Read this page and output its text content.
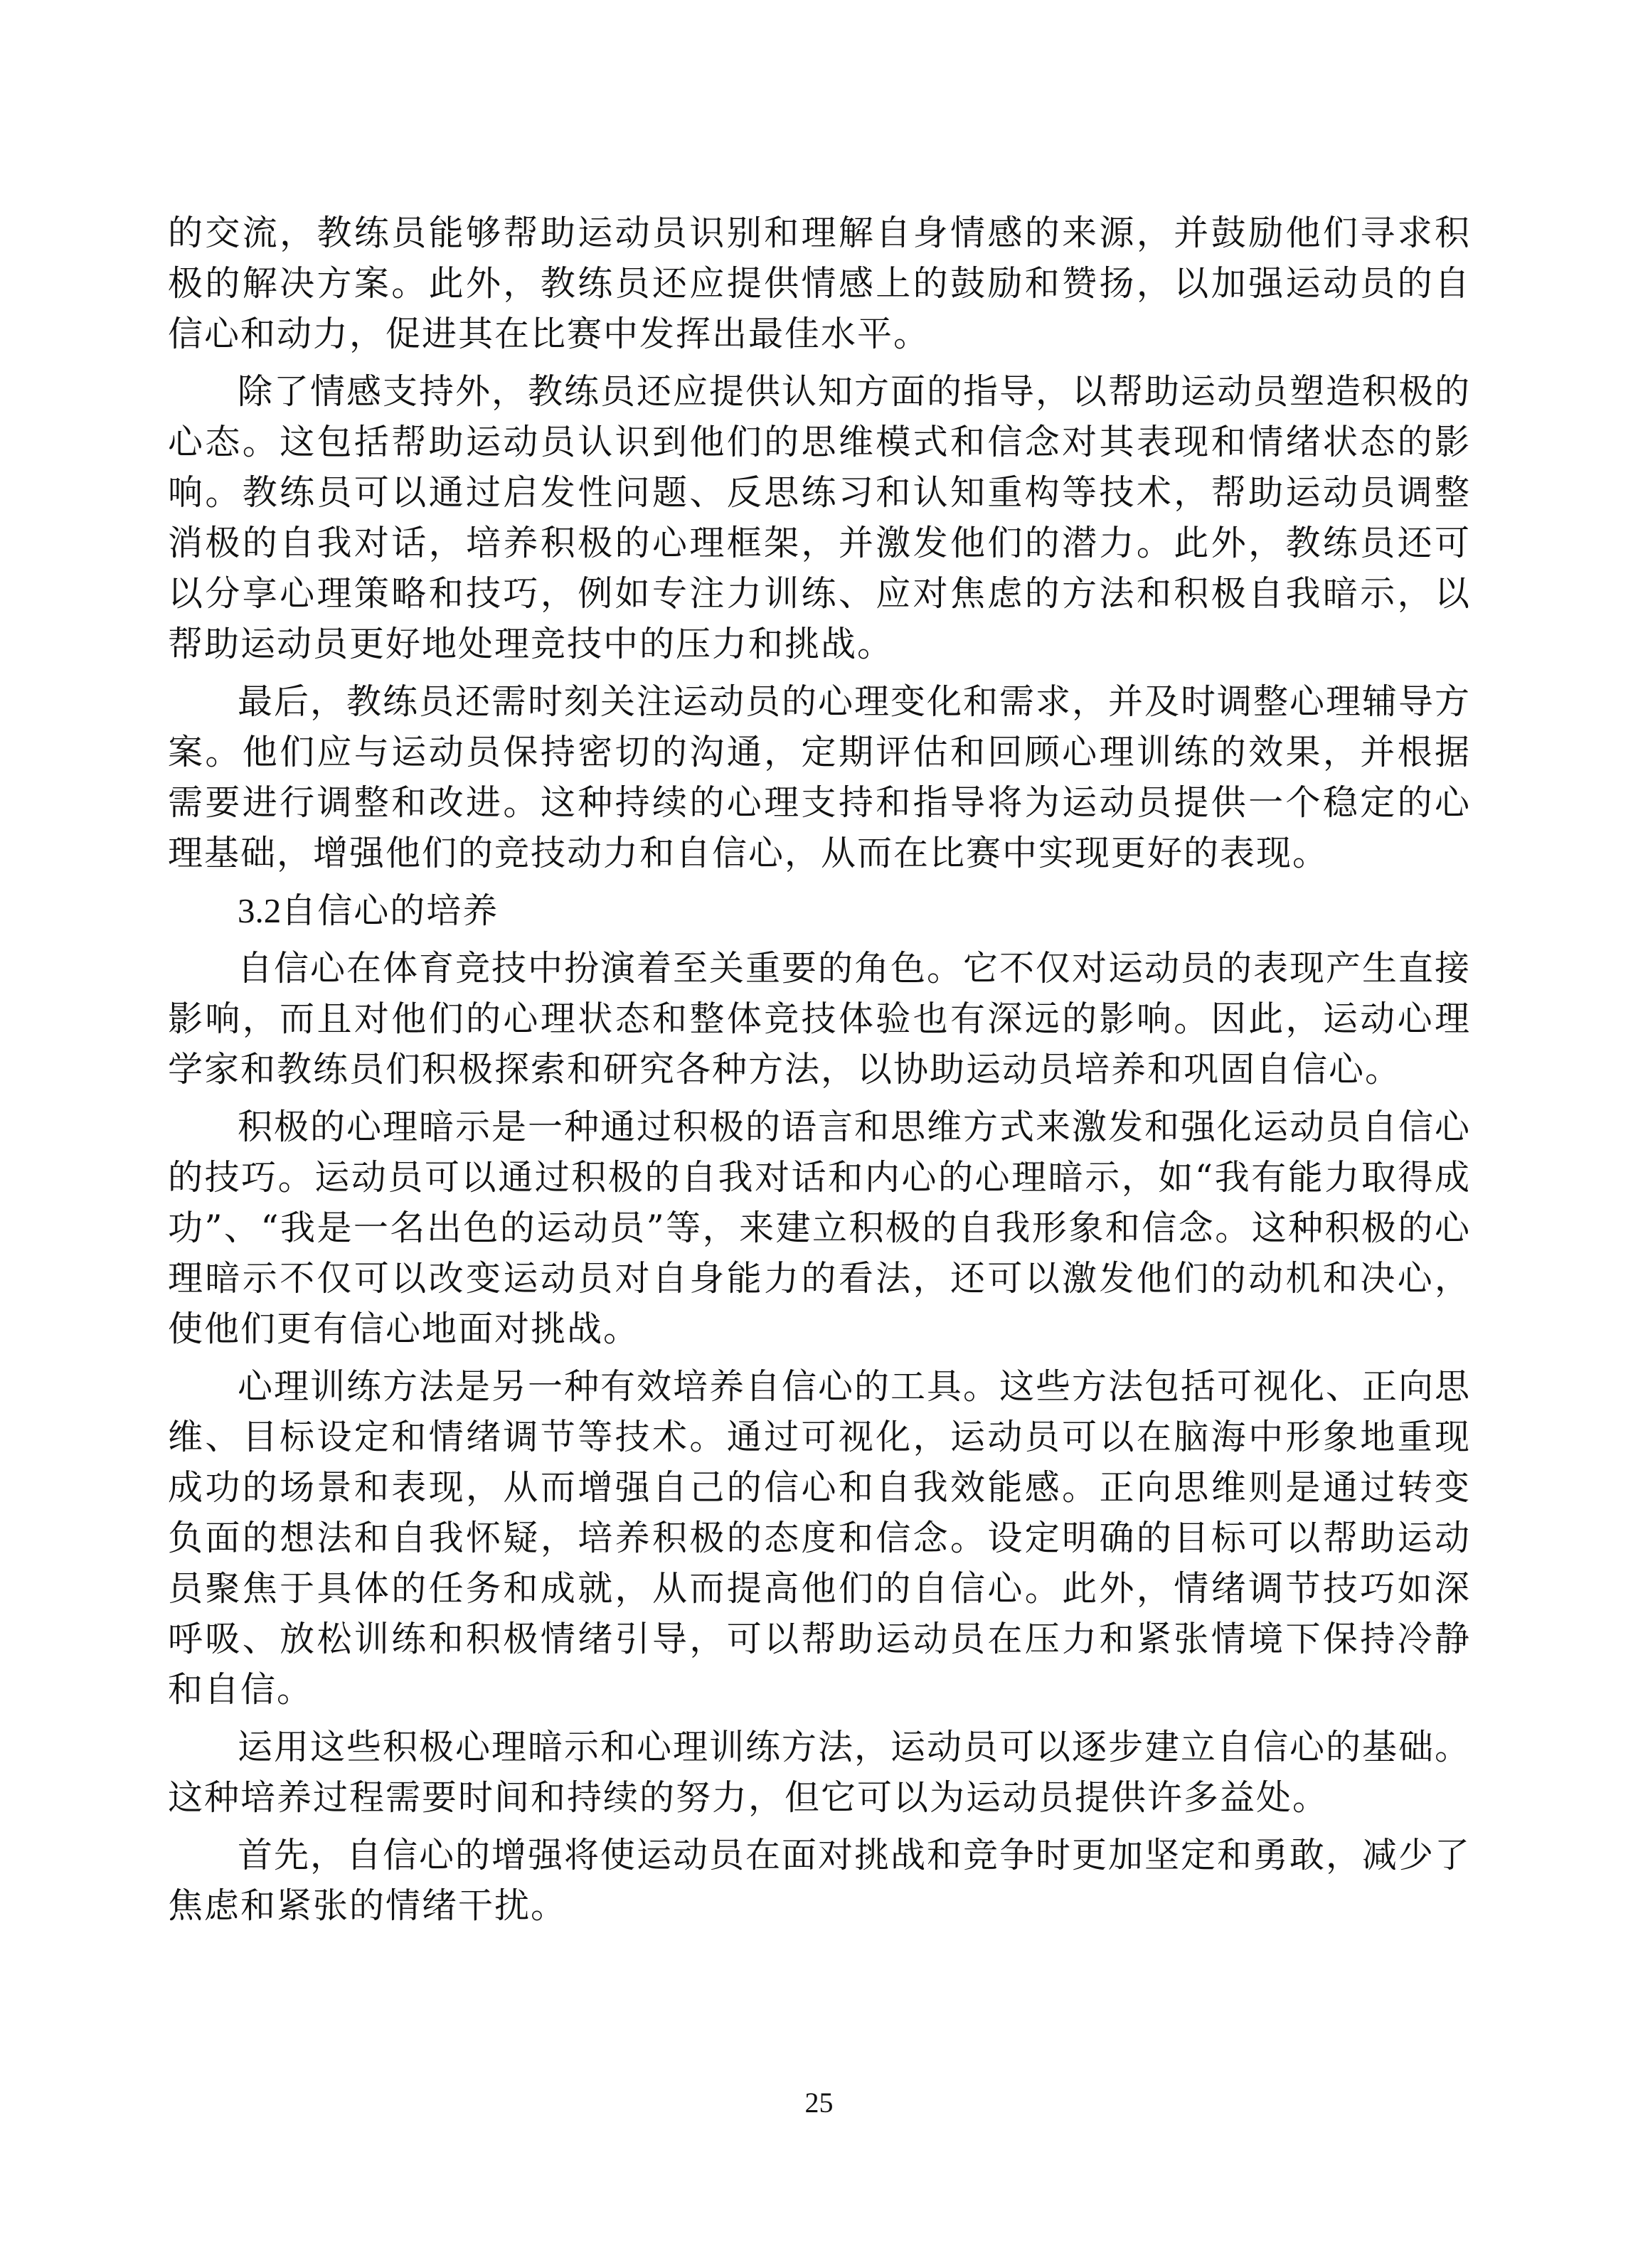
的交流，教练员能够帮助运动员识别和理解自身情感的来源，并鼓励他们寻求积极的解决方案。此外，教练员还应提供情感上的鼓励和赞扬，以加强运动员的自信心和动力，促进其在比赛中发挥出最佳水平。

除了情感支持外，教练员还应提供认知方面的指导，以帮助运动员塑造积极的心态。这包括帮助运动员认识到他们的思维模式和信念对其表现和情绪状态的影响。教练员可以通过启发性问题、反思练习和认知重构等技术，帮助运动员调整消极的自我对话，培养积极的心理框架，并激发他们的潜力。此外，教练员还可以分享心理策略和技巧，例如专注力训练、应对焦虑的方法和积极自我暗示，以帮助运动员更好地处理竞技中的压力和挑战。

最后，教练员还需时刻关注运动员的心理变化和需求，并及时调整心理辅导方案。他们应与运动员保持密切的沟通，定期评估和回顾心理训练的效果，并根据需要进行调整和改进。这种持续的心理支持和指导将为运动员提供一个稳定的心理基础，增强他们的竞技动力和自信心，从而在比赛中实现更好的表现。

3.2自信心的培养

自信心在体育竞技中扮演着至关重要的角色。它不仅对运动员的表现产生直接影响，而且对他们的心理状态和整体竞技体验也有深远的影响。因此，运动心理学家和教练员们积极探索和研究各种方法，以协助运动员培养和巩固自信心。

积极的心理暗示是一种通过积极的语言和思维方式来激发和强化运动员自信心的技巧。运动员可以通过积极的自我对话和内心的心理暗示，如“我有能力取得成功”、“我是一名出色的运动员”等，来建立积极的自我形象和信念。这种积极的心理暗示不仅可以改变运动员对自身能力的看法，还可以激发他们的动机和决心，使他们更有信心地面对挑战。

心理训练方法是另一种有效培养自信心的工具。这些方法包括可视化、正向思维、目标设定和情绪调节等技术。通过可视化，运动员可以在脑海中形象地重现成功的场景和表现，从而增强自己的信心和自我效能感。正向思维则是通过转变负面的想法和自我怀疑，培养积极的态度和信念。设定明确的目标可以帮助运动员聚焦于具体的任务和成就，从而提高他们的自信心。此外，情绪调节技巧如深呼吸、放松训练和积极情绪引导，可以帮助运动员在压力和紧张情境下保持冷静和自信。

运用这些积极心理暗示和心理训练方法，运动员可以逐步建立自信心的基础。这种培养过程需要时间和持续的努力，但它可以为运动员提供许多益处。

首先，自信心的增强将使运动员在面对挑战和竞争时更加坚定和勇敢，减少了焦虑和紧张的情绪干扰。

25
